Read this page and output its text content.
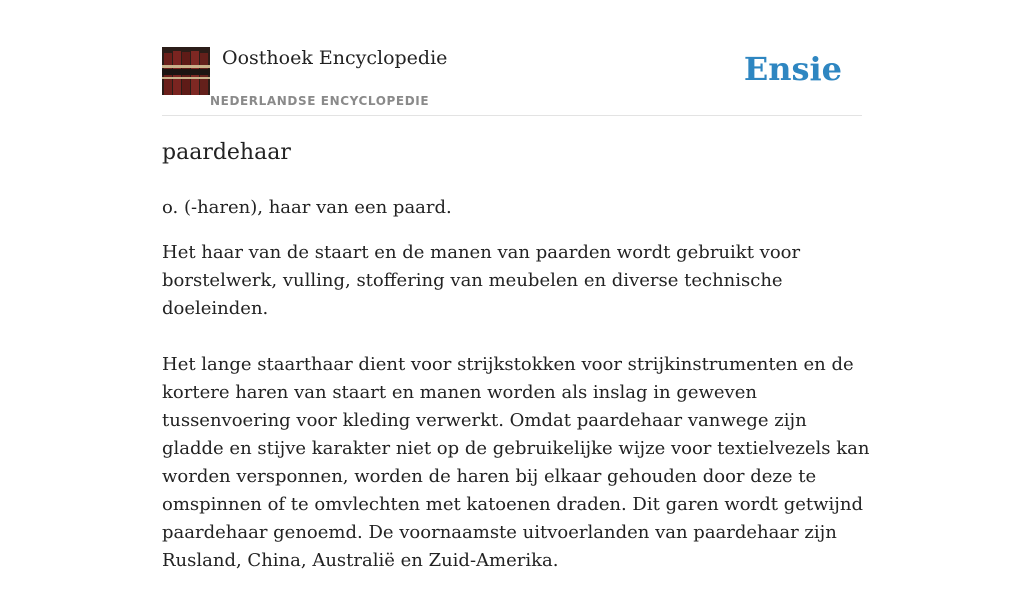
Oosthoek Encyclopedie
NEDERLANDSE ENCYCLOPEDIE
Ensie
paardehaar

o. (-haren), haar van een paard.

Het haar van de staart en de manen van paarden wordt gebruikt voor borstelwerk, vulling, stoffering van meubelen en diverse technische doeleinden.

Het lange staarthaar dient voor strijkstokken voor strijkinstrumenten en de kortere haren van staart en manen worden als inslag in geweven tussenvoering voor kleding verwerkt. Omdat paardehaar vanwege zijn gladde en stijve karakter niet op de gebruikelijke wijze voor textielvezels kan worden versponnen, worden de haren bij elkaar gehouden door deze te omspinnen of te omvlechten met katoenen draden. Dit garen wordt getwijnd paardehaar genoemd. De voornaamste uitvoerlanden van paardehaar zijn Rusland, China, Australië en Zuid-Amerika.
